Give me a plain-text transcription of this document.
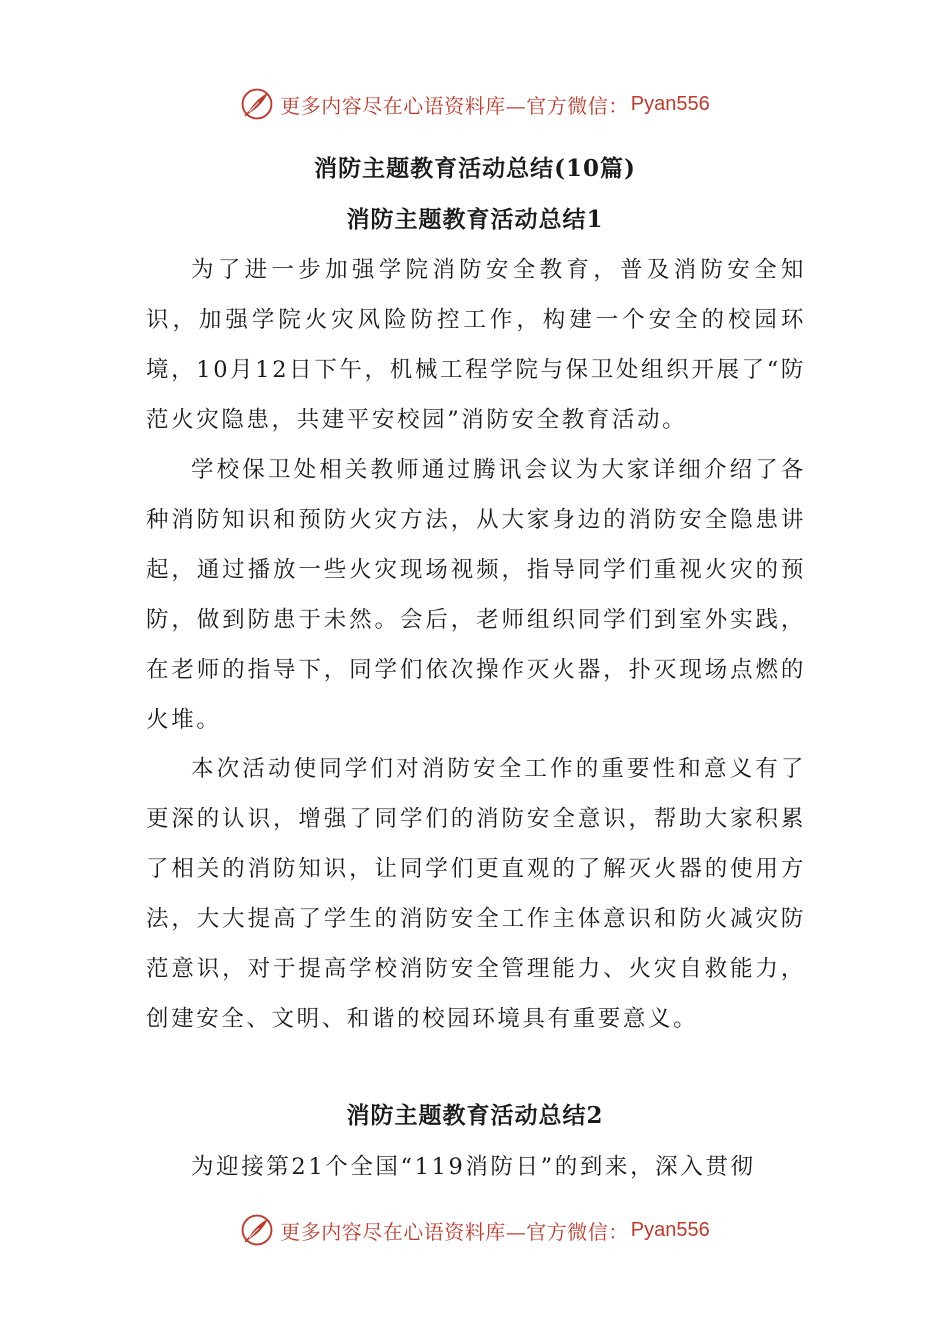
更多内容尽在心语资料库—官方微信： Pyan556
消防主题教育活动总结(10篇)
消防主题教育活动总结1

为了进一步加强学院消防安全教育，普及消防安全知识，加强学院火灾风险防控工作，构建一个安全的校园环境，10月12日下午，机械工程学院与保卫处组织开展了“防范火灾隐患，共建平安校园”消防安全教育活动。

学校保卫处相关教师通过腾讯会议为大家详细介绍了各种消防知识和预防火灾方法，从大家身边的消防安全隐患讲起，通过播放一些火灾现场视频，指导同学们重视火灾的预防，做到防患于未然。会后，老师组织同学们到室外实践，在老师的指导下，同学们依次操作灭火器，扑灭现场点燃的火堆。

本次活动使同学们对消防安全工作的重要性和意义有了更深的认识，增强了同学们的消防安全意识，帮助大家积累了相关的消防知识，让同学们更直观的了解灭火器的使用方法，大大提高了学生的消防安全工作主体意识和防火减灾防范意识，对于提高学校消防安全管理能力、火灾自救能力，创建安全、文明、和谐的校园环境具有重要意义。

消防主题教育活动总结2

为迎接第21个全国“119消防日”的到来，深入贯彻

更多内容尽在心语资料库—官方微信： Pyan556
